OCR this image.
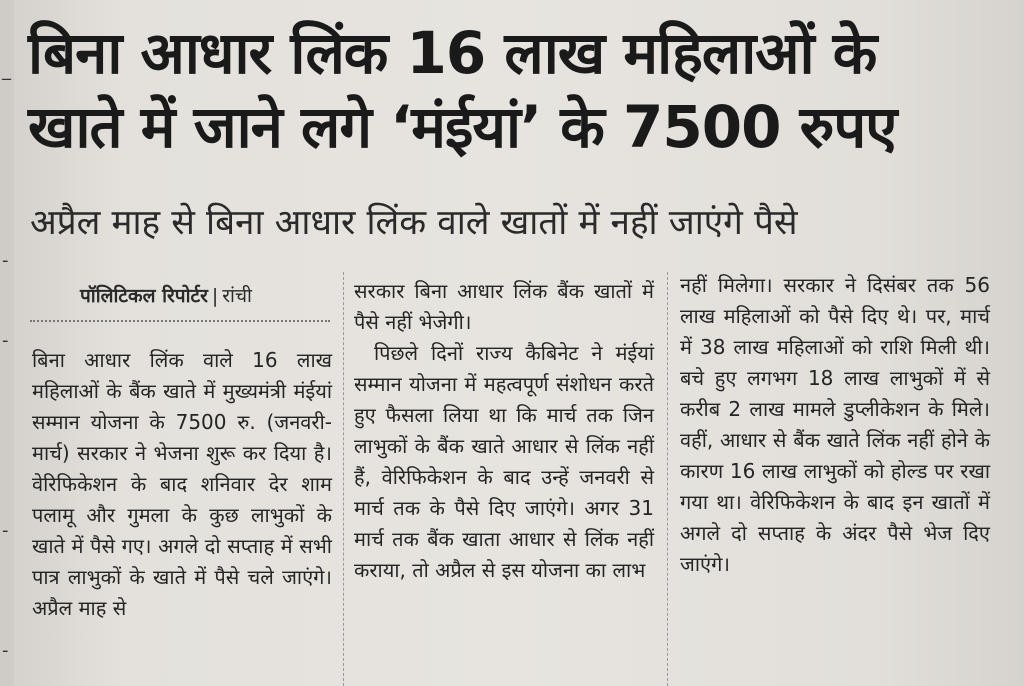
_
-
-
-
-
बिना आधार लिंक 16 लाख महिलाओं के
खाते में जाने लगे ‘मंईयां’ के 7500 रुपए
अप्रैल माह से बिना आधार लिंक वाले खातों में नहीं जाएंगे पैसे
पॉलिटिकल रिपोर्टर | रांची

बिना आधार लिंक वाले 16 लाख महिलाओं के बैंक खाते में मुख्यमंत्री मंईयां सम्मान योजना के 7500 रु. (जनवरी-मार्च) सरकार ने भेजना शुरू कर दिया है। वेरिफिकेशन के बाद शनिवार देर शाम पलामू और गुमला के कुछ लाभुकों के खाते में पैसे गए। अगले दो सप्ताह में सभी पात्र लाभुकों के खाते में पैसे चले जाएंगे। अप्रैल माह से

सरकार बिना आधार लिंक बैंक खातों में पैसे नहीं भेजेगी।

पिछले दिनों राज्य कैबिनेट ने मंईयां सम्मान योजना में महत्वपूर्ण संशोधन करते हुए फैसला लिया था कि मार्च तक जिन लाभुकों के बैंक खाते आधार से लिंक नहीं हैं, वेरिफिकेशन के बाद उन्हें जनवरी से मार्च तक के पैसे दिए जाएंगे। अगर 31 मार्च तक बैंक खाता आधार से लिंक नहीं कराया, तो अप्रैल से इस योजना का लाभ

नहीं मिलेगा। सरकार ने दिसंबर तक 56 लाख महिलाओं को पैसे दिए थे। पर, मार्च में 38 लाख महिलाओं को राशि मिली थी। बचे हुए लगभग 18 लाख लाभुकों में से करीब 2 लाख मामले डुप्लीकेशन के मिले। वहीं, आधार से बैंक खाते लिंक नहीं होने के कारण 16 लाख लाभुकों को होल्ड पर रखा गया था। वेरिफिकेशन के बाद इन खातों में अगले दो सप्ताह के अंदर पैसे भेज दिए जाएंगे।
